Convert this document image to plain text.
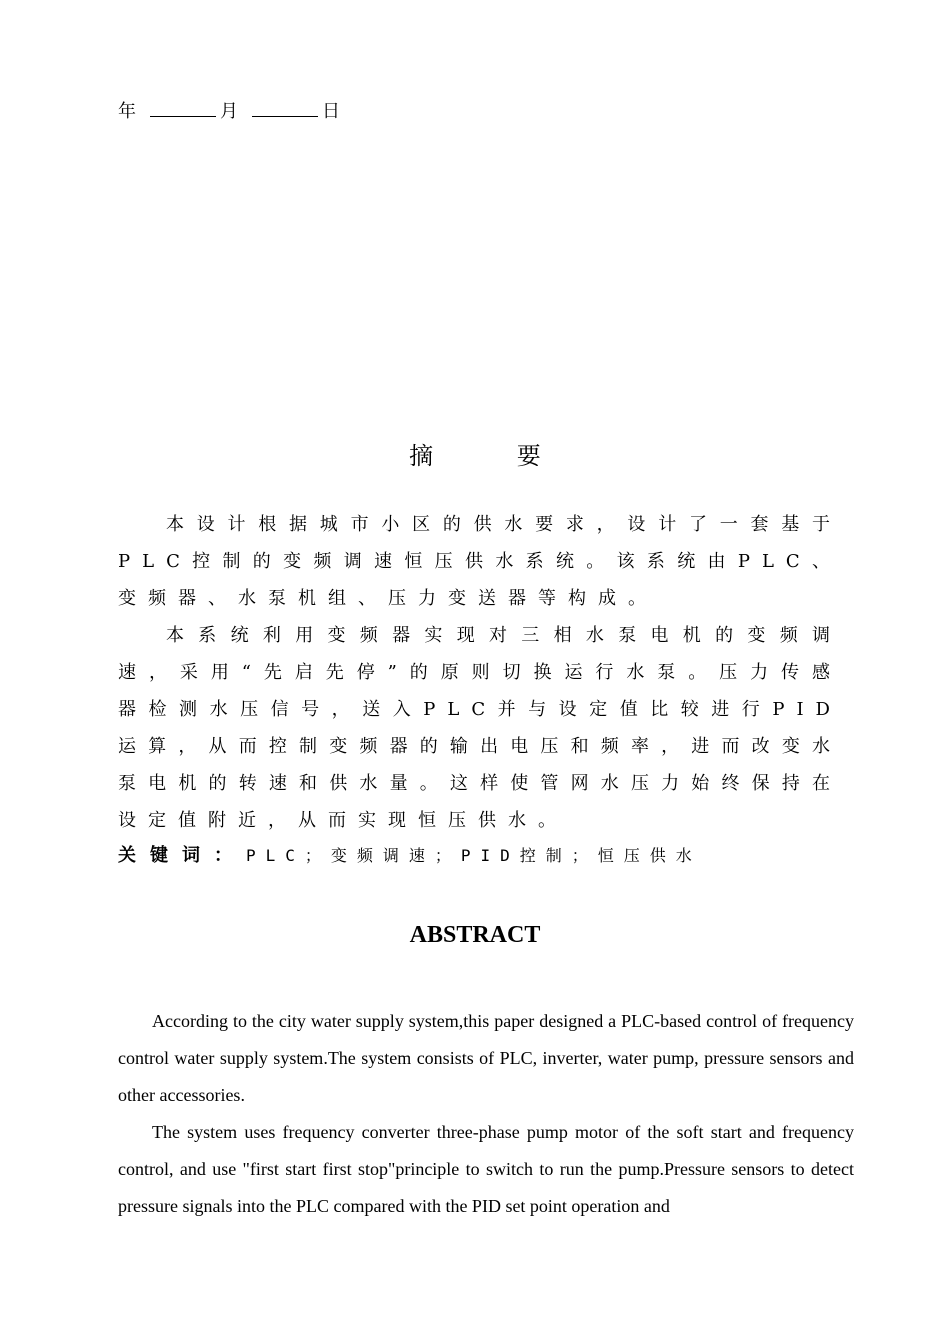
年	月	日
摘 要

本设计根据城市小区的供水要求，设计了一套基于PLC控制的变频调速恒压供水系统。该系统由PLC、变频器、水泵机组、压力变送器等构成。

本系统利用变频器实现对三相水泵电机的变频调速，采用“先启先停”的原则切换运行水泵。压力传感器检测水压信号，送入PLC并与设定值比较进行PID运算，从而控制变频器的输出电压和频率，进而改变水泵电机的转速和供水量。这样使管网水压力始终保持在设定值附近，从而实现恒压供水。

关键词：PLC；变频调速；PID控制；恒压供水
ABSTRACT

According to the city water supply system,this paper designed a PLC-based control of frequency control water supply system.The system consists of PLC, inverter, water pump, pressure sensors and other accessories.

The system uses frequency converter three-phase pump motor of the soft start and frequency control, and use "first start first stop"principle to switch to run the pump.Pressure sensors to detect pressure signals into the PLC compared with the PID set point operation and
